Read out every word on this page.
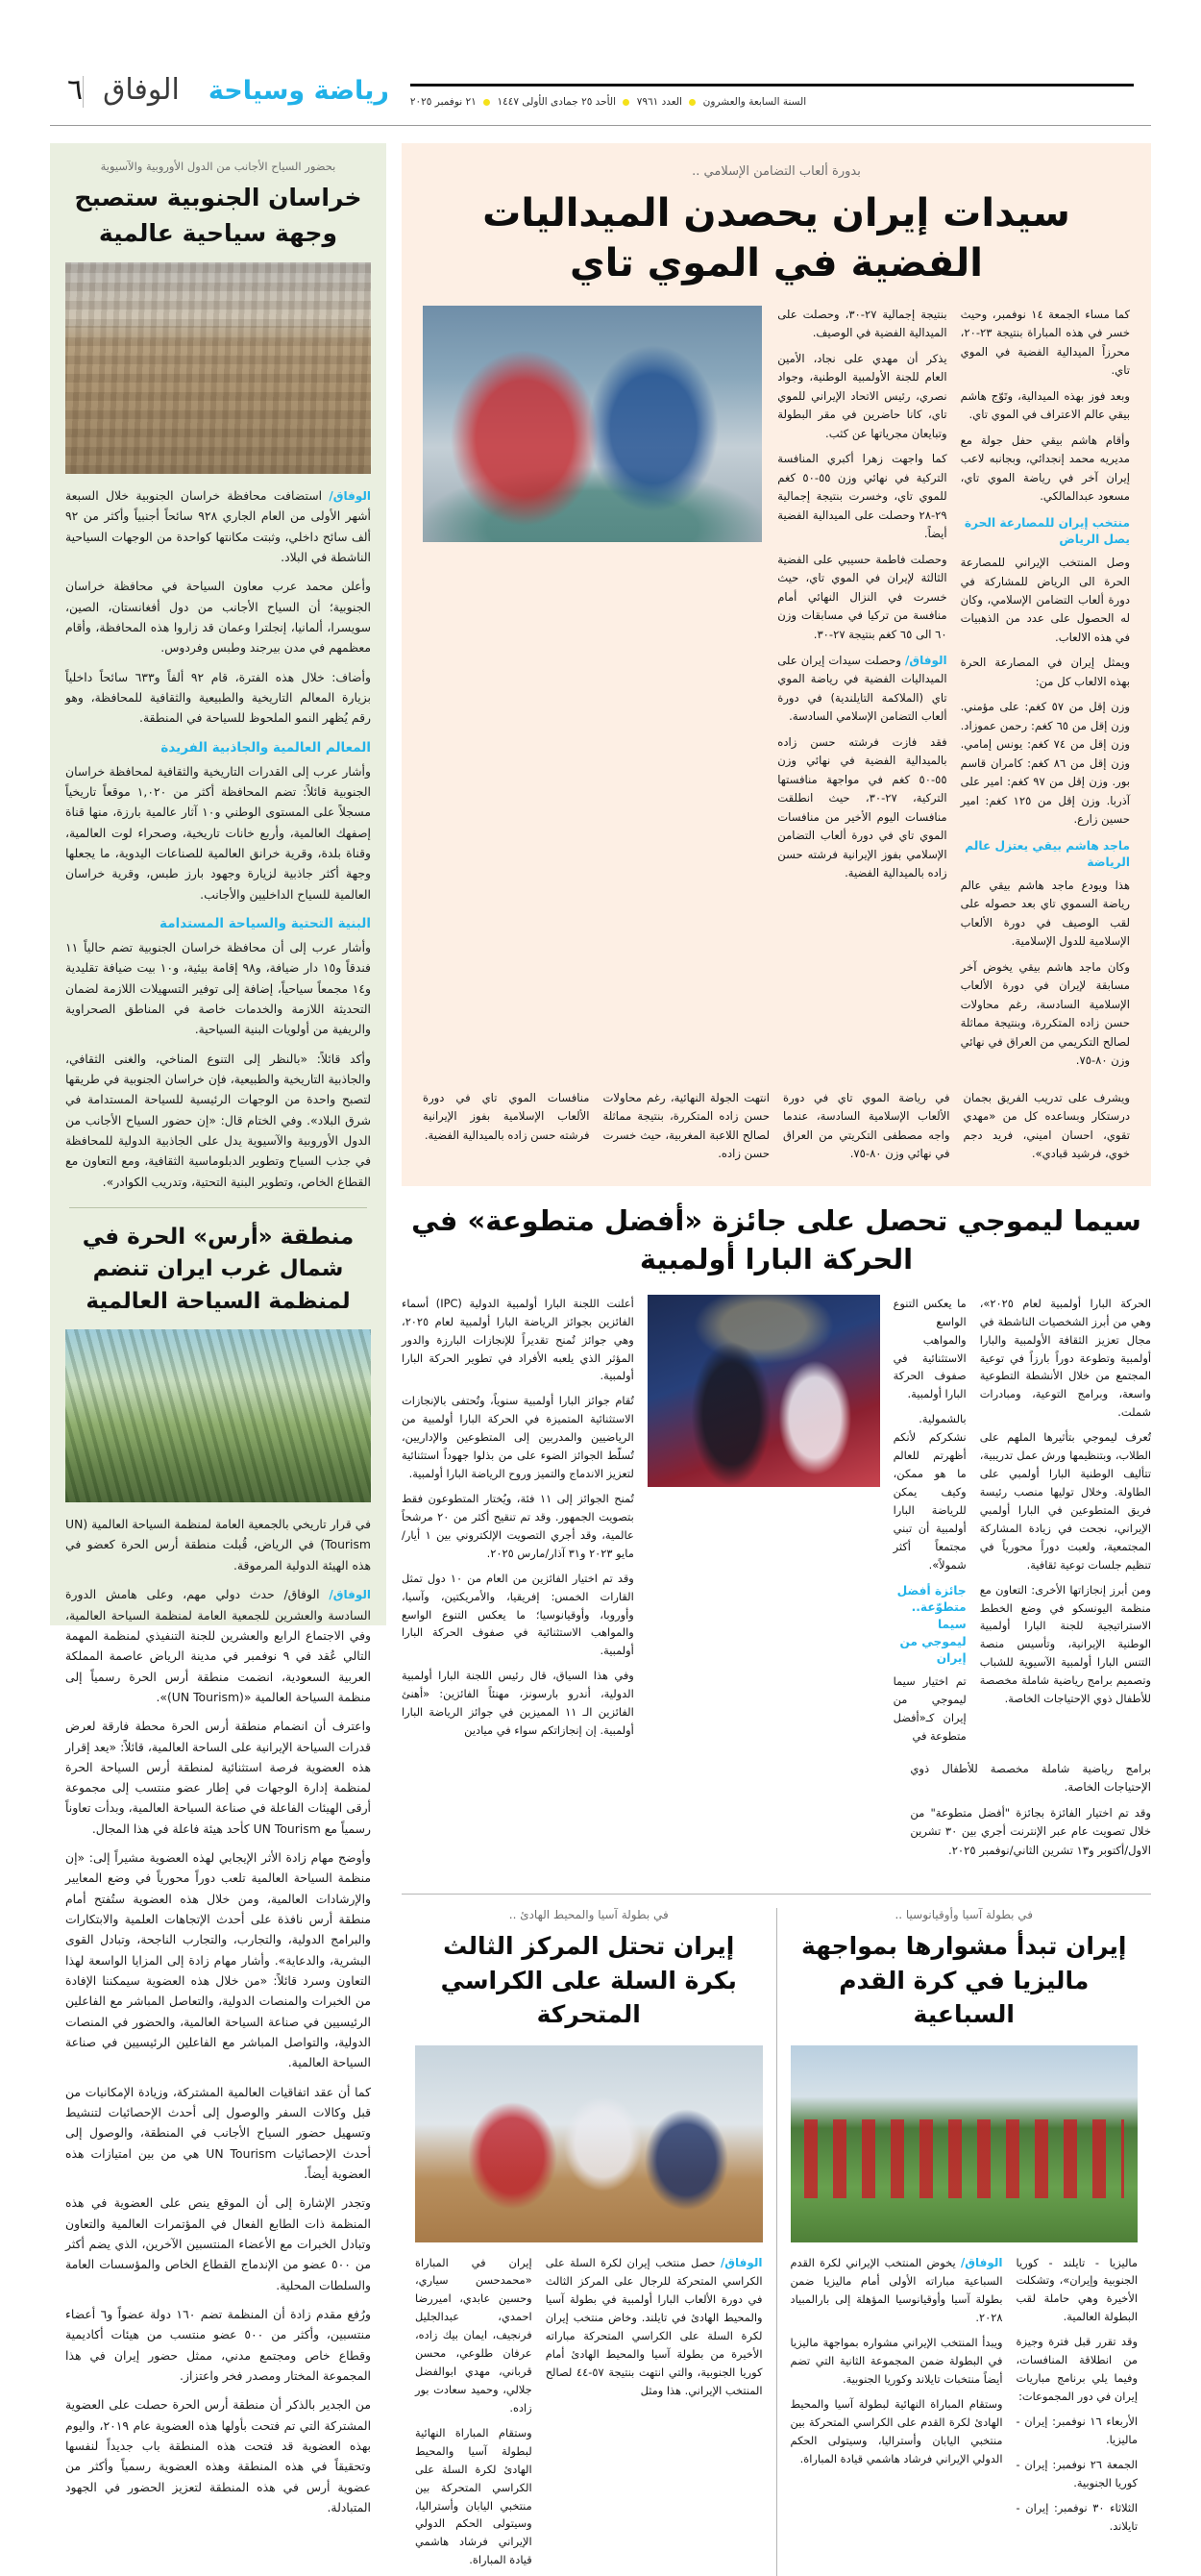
السنة السابعة والعشرون  العدد ٧٩٦١  الأحد ٢٥ جمادى الأولى ١٤٤٧  ٢١ نوفمبر ٢٠٢٥
رياضة وسياحة
الوفاق
٦
بدورة ألعاب التضامن الإسلامي ..
سيدات إيران يحصدن الميداليات الفضية في الموي تاي

كما مساء الجمعة ١٤ نوفمبر، وحيث خسر في هذه المباراة بنتيجة ٢٣-٢٠، محرزاً الميدالية الفضية في الموي تاي.

وبعد فوز بهذه الميدالية، وتَوّج هاشم بيقي عالم الاعتراف في الموي تاي.

وأقام هاشم بيقي حفل جولة مع مديريه محمد إنجدائي، وبجانبه لاعب إيران آخر في رياضة الموي تاي، مسعود عبدالمالكي.

منتخب إيران للمصارعة الحرة يصل الرياض

وصل المنتخب الإيراني للمصارعة الحرة الى الرياض للمشاركة في دورة ألعاب التضامن الإسلامي، وكان له الحصول على عدد من الذهبيات في هذه الالعاب.

ويمثل إيران في المصارعة الحرة بهذه الالعاب كل من:

وزن إقل من ٥٧ كغم: على مؤمني. وزن إقل من ٦٥ كغم: رحمن عموزاد. وزن إقل من ٧٤ كغم: يونس إمامي. وزن إقل من ٨٦ كغم: كامران قاسم بور. وزن إقل من ٩٧ كغم: امير على آذربا. وزن إقل من ١٢٥ كغم: امير حسين زارع.

ماجد هاشم بيقي يعتزل عالم الرياضة

هذا ويودع ماجد هاشم بيقي عالم رياضة السموي تاي بعد حصوله على لقب الوصيف في دورة الألعاب الإسلامية للدول الإسلامية.

وكان ماجد هاشم بيقي يخوض آخر مسابقة لإيران في دورة الألعاب الإسلامية السادسة، رغم محاولات حسن زاده المتكررة، وبنتيجة مماثلة لصالح التكريمي من العراق في نهائي وزن ٨٠-٧٥.

بنتيجة إجمالية ٢٧-٣٠، وحصلت على الميدالية الفضية في الوصيف.

يذكر أن مهدي على نجاد، الأمين العام للجنة الأولمبية الوطنية، وجواد نصري، رئيس الاتحاد الإيراني للموي تاي، كانا حاضرين في مقر البطولة وتبايعان مجرياتها عن كثب.

كما واجهت زهرا أكبري المنافسة التركية في نهائي وزن ٥٥-٥٠ كغم للموي تاي، وخسرت بنتيجة إجمالية ٢٩-٢٨ وحصلت على الميدالية الفضية أيضاً.

وحصلت فاطمة حسيبي على الفضية الثالثة لإيران في الموي تاي، حيث خسرت في النزال النهائي أمام منافسة من تركيا في مسابقات وزن ٦٠ الى ٦٥ كغم بنتيجة ٢٧-٣٠.

الوفاق/ وحصلت سيدات إيران على الميداليات الفضية في رياضة الموي تاي (الملاكمة التايلندية) في دورة ألعاب التضامن الإسلامي السادسة.

فقد فازت فرشته حسن زاده بالميدالية الفضية في نهائي وزن ٥٥-٥٠ كغم في مواجهة منافستها التركية، ٢٧-٣٠، حيث انطلقت منافسات اليوم الأخير من منافسات الموي تاي في دورة ألعاب التضامن الإسلامي بفوز الإيرانية فرشته حسن زاده بالميدالية الفضية.

ويشرف على تدريب الفريق بجمان درستكار وبساعده كل من «مهدي تقوي، احسان اميني، فريد دجم خوي، فرشيد قبادي».

في رياضة الموي تاي في دورة الألعاب الإسلامية السادسة، عندما واجه مصطفى التكريتي من العراق في نهائي وزن ٨٠-٧٥.

انتهت الجولة النهائية، رغم محاولات حسن زاده المتكررة، بنتيجة مماثلة لصالح اللاعبة المغربية، حيث خسرت حسن زاده.

منافسات الموي تاي في دورة الألعاب الإسلامية بفوز الإيرانية فرشته حسن زاده بالميدالية الفضية.

سيما ليموجي تحصل على جائزة «أفضل متطوعة» في الحركة البارا أولمبية

الحركة البارا أولمبية لعام ٢٠٢٥»، وهي من أبرز الشخصيات الناشطة في مجال تعزيز الثقافة الأولمبية والبارا أولمبية وتطوعة دوراً بارزاً في توعية المجتمع من خلال الأنشطة التطوعية واسعة، وبرامج التوعية، ومبادرات شملت.

تُعرف ليموجي بتأثيرها الملهم على الطلاب، وبتنظيمها ورش عمل تدريبية، تتأليف الوطنية البارا أولمبي على الطاولة. وخلال توليها منصب رئيسة فريق المتطوعين في البارا أولمبي الإيراني، نجحت في زيادة المشاركة المجتمعية، ولعبت دوراً محورياً في تنظيم جلسات توعية ثقافية.

ومن أبرز إنجازاتها الأخرى: التعاون مع منظمة اليونسكو في وضع الخطط الاستراتيجية للجنة البارا أولمبية الوطنية الإيرانية، وتأسيس منصة التنس البارا أولمبية الآسيوية للشباب وتصميم برامج رياضية شاملة مخصصة للأطفال ذوي الإحتياجات الخاصة.

ما يعكس التنوع الواسع والمواهب الاستثنائية في صفوف الحركة البارا أولمبية.

بالشمولية. نشكركم لأنكم أظهرتم للعالم ما هو ممكن، وكيف يمكن للرياضة البارا أولمبية أن تبني مجتمعاً أكثر شمولاً».

جائزة أفضل متطوّعة.. سيما ليموجي من إيران

تم اختيار سيما ليموجي من إيران كـ«أفضل متطوعة في

أعلنت اللجنة البارا أولمبية الدولية (IPC) أسماء الفائزين بجوائز الرياضة البارا أولمبية لعام ٢٠٢٥، وهي جوائز تُمنح تقديراً للإنجازات البارزة والدور المؤثر الذي يلعبه الأفراد في تطوير الحركة البارا أولمبية.

تُقام جوائز البارا أولمبية سنوياً، وتُحتفى بالإنجازات الاستثنائية المتميزة في الحركة البارا أولمبية من الرياضيين والمدربين إلى المتطوعين والإداريين، تُسلّط الجوائز الضوء على من بذلوا جهوداً استثنائية لتعزيز الاندماج والتميز وروح الرياضة البارا أولمبية.

تُمنح الجوائز إلى ١١ فئة، ويُختار المتطوعون فقط بتصويت الجمهور. وقد تم تنقيح أكثر من ٢٠ مرشحاً عالمية، وقد أجري التصويت الإلكتروني بين ١ أيار/مايو ٢٠٢٣ و٣١ آذار/مارس ٢٠٢٥.

وقد تم اختيار الفائزين من العام من ١٠ دول تمثل القارات الخمس: إفريقيا، والأمريكتين، وآسيا، وأوروبا، وأوقيانوسيا؛ ما يعكس التنوع الواسع والمواهب الاستثنائية في صفوف الحركة البارا أولمبية.

وفي هذا السياق، قال رئيس اللجنة البارا أولمبية الدولية، أندرو بارسونز، مهنئاً الفائزين: «أهنئ الفائزين الـ ١١ المميزين في جوائز الرياضة البارا أولمبية. إن إنجازاتكم سواء في ميادين

برامج رياضية شاملة مخصصة للأطفال ذوي الإحتياجات الخاصة.

وقد تم اختيار الفائزة بجائزة "أفضل متطوعة" من خلال تصويت عام عبر الإنترنت أجري بين ٣٠ تشرين الاول/أكتوبر و١٣ تشرين الثاني/نوفمبر ٢٠٢٥.

في بطولة آسيا وأوقيانوسيا ..
إيران تبدأ مشوارها بمواجهة ماليزيا في كرة القدم السباعية

ماليزيا - تايلند - كوريا الجنوبية وإيران»، وتشكلت الأخيرة وهي حاملة لقب البطولة العالمية.

وقد تقرر قبل فترة وجيزة من انطلاقة المنافسات، وفيما يلي برنامج مباريات إيران في دور المجموعات:

الأربعاء ١٦ نوفمبر: إيران - ماليزيا.

الجمعة ٢٦ نوفمبر: إيران - كوريا الجنوبية.

الثلاثاء ٣٠ نوفمبر: إيران - تايلاند.

الوفاق/ يخوض المنتخب الإيراني لكرة القدم السباعية مباراته الأولى أمام ماليزيا ضمن بطولة آسيا وأوقيانوسيا المؤهلة إلى بارالمبياد ٢٠٢٨.

ويبدأ المنتخب الإيراني مشواره بمواجهة ماليزيا في البطولة ضمن المجموعة الثانية التي تضم أيضاً منتخبات تايلاند وكوريا الجنوبية.

وستقام المباراة النهائية لبطولة آسيا والمحيط الهادئ لكرة القدم على الكراسي المتحركة بين منتخبي اليابان وأستراليا، وسيتولى الحكم الدولي الإيراني فرشاد هاشمي قيادة المباراة.

في بطولة آسيا والمحيط الهادئ ..
إيران تحتل المركز الثالث بكرة السلة على الكراسي المتحركة

الوفاق/ حصل منتخب إيران لكرة السلة على الكراسي المتحركة للرجال على المركز الثالث في دورة الألعاب البارا أولمبية في بطولة آسيا والمحيط الهادئ في تايلند. وخاض منتخب إيران لكرة السلة على الكراسي المتحركة مباراته الأخيرة من بطولة آسيا والمحيط الهادئ أمام كوريا الجنوبية، والتي انتهت بنتيجة ٥٧-٤٤ لصالح المنتخب الإيراني. هذا ومثل

إيران في المباراة «محمدحسن سياري، وحسين عابدي، اميررضا احمدي، عبدالجليل فرنجيف، ايمان بيك زاده، عرفان طلوعي، محسن قرباني، مهدي ابوالفضل جلالي، وحميد سعادت بور زاده.

وستقام المباراة النهائية لبطولة آسيا والمحيط الهادئ لكرة السلة على الكراسي المتحركة بين منتخبي اليابان وأستراليا، وسيتولى الحكم الدولي الإيراني فرشاد هاشمي قيادة المباراة.

بحضور السياح الأجانب من الدول الأوروبية والآسيوية
خراسان الجنوبية ستصبح وجهة سياحية عالمية

الوفاق/ استضافت محافظة خراسان الجنوبية خلال السبعة أشهر الأولى من العام الجاري ٩٢٨ سائحاً أجنبياً وأكثر من ٩٢ ألف سائح داخلي، وثبتت مكانتها كواحدة من الوجهات السياحية الناشطة في البلاد.

وأعلن محمد عرب معاون السياحة في محافظة خراسان الجنوبية؛ أن السياح الأجانب من دول أفغانستان، الصين، سويسرا، ألمانيا، إنجلترا وعمان قد زاروا هذه المحافظة، وأقام معظمهم في مدن بيرجند وطبس وفردوس.

وأضاف: خلال هذه الفترة، قام ٩٢ ألفاً و٦٣٣ سائحاً داخلياً بزيارة المعالم التاريخية والطبيعية والثقافية للمحافظة، وهو رقم يُظهر النمو الملحوظ للسياحة في المنطقة.

المعالم العالمية والجاذبية الفريدة

وأشار عرب إلى القدرات التاريخية والثقافية لمحافظة خراسان الجنوبية قائلاً: تضم المحافظة أكثر من ١,٠٢٠ موقعاً تاريخياً مسجلاً على المستوى الوطني و١٠ آثار عالمية بارزة، منها قناة إصفهك العالمية، وأربع خانات تاريخية، وصحراء لوت العالمية، وقناة بلدة، وقرية خرانق العالمية للصناعات اليدوية، ما يجعلها وجهة أكثر جاذبية لزيارة وجهود بارز طبس، وقرية خراسان العالمية للسياح الداخليين والأجانب.

البنية التحتية والسياحة المستدامة

وأشار عرب إلى أن محافظة خراسان الجنوبية تضم حالياً ١١ فندقاً و١٥ دار ضيافة، و٩٨ إقامة بيئية، و١٠ بيت ضيافة تقليدية و١٤ مجمعاً سياحياً، إضافة إلى توفير التسهيلات اللازمة لضمان التحديثة اللازمة والخدمات خاصة في المناطق الصحراوية والريفية من أولويات البنية السياحية.

وأكد قائلاً: «بالنظر إلى التنوع المناخي، والغنى الثقافي، والجاذبية التاريخية والطبيعية، فإن خراسان الجنوبية في طريقها لتصبح واحدة من الوجهات الرئيسية للسياحة المستدامة في شرق البلاد». وفي الختام قال: «إن حضور السياح الأجانب من الدول الأوروبية والآسيوية يدل على الجاذبية الدولية للمحافظة في جذب السياح وتطوير الدبلوماسية الثقافية، ومع التعاون مع القطاع الخاص، وتطوير البنية التحتية، وتدريب الكوادر».

منطقة «أرس» الحرة في شمال غرب ايران تنضم لمنظمة السياحة العالمية

في قرار تاريخي بالجمعية العامة لمنظمة السياحة العالمية (UN Tourism) في الرياض، قُبلت منطقة أرس الحرة كعضو في هذه الهيئة الدولية المرموقة.

الوفاق/ الوفاق/ حدث دولي مهم، وعلى هامش الدورة السادسة والعشرين للجمعية العامة لمنظمة السياحة العالمية، وفي الاجتماع الرابع والعشرين للجنة التنفيذي لمنظمة المهمة التالي عُقد في ٩ نوفمبر في مدينة الرياض عاصمة المملكة العربية السعودية، انضمت منطقة أرس الحرة رسمياً إلى منظمة السياحة العالمية «(UN Tourism)».

واعترف أن انضمام منطقة أرس الحرة محطة فارقة لعرض قدرات السياحة الإيرانية على الساحة العالمية، قائلاً: «يعد إقرار هذه العضوية فرصة استثنائية لمنطقة أرس السياحة الحرة لمنظمة إدارة الوجهات في إطار عضو منتسب إلى مجموعة أرقى الهيئات الفاعلة في صناعة السياحة العالمية، وبدأت تعاوناً رسمياً مع UN Tourism كأحد هيئة فاعلة في هذا المجال.

وأوضح مهام زادة الأثر الإيجابي لهذه العضوية مشيراً إلى: «إن منظمة السياحة العالمية تلعب دوراً محورياً في وضع المعايير والإرشادات العالمية، ومن خلال هذه العضوية ستُفتح أمام منطقة أرس نافذة على أحدث الإتجاهات العلمية والابتكارات والبرامج الدولية، والتجارب، والتجارب الناجحة، وتبادل القوى البشرية، والدعاية». وأشار مهام زادة إلى المزايا الواسعة لهذا التعاون وسرد قائلاً: «من خلال هذه العضوية سيمكننا الإفادة من الخبرات والمنصات الدولية، والتعاصل المباشر مع الفاعلين الرئيسيين في صناعة السياحة العالمية، والحضور في المنصات الدولية، والتواصل المباشر مع الفاعلين الرئيسيين في صناعة السياحة العالمية.

كما أن عقد اتفاقيات العالمية المشتركة، وزيادة الإمكانيات من قبل وكالات السفر والوصول إلى أحدث الإحصائيات لتنشيط وتسهيل حضور السياح الأجانب في المنطقة، والوصول إلى أحدث الإحصائيات UN Tourism هي من بين امتيازات هذه العضوية أيضاً.

وتجدر الإشارة إلى أن الموقع ينص على العضوية في هذه المنظمة ذات الطابع الفعال في المؤتمرات العالمية والتعاون وتبادل الخبرات مع الأعضاء المنتسبين الآخرين، الذي يضم أكثر من ٥٠٠ عضو من الإندماج القطاع الخاص والمؤسسات العامة والسلطات المحلية.

ورُفع مقدم زادة أن المنظمة تضم ١٦٠ دولة عضواً و٦ أعضاء منتسبين، وأكثر من ٥٠٠ عضو منتسب من هيئات أكاديمية وقطاع خاص ومجتمع مدني، ممثل حضور إيران في هذا المجموعة المختار ومصدر فخر واعتزاز.

من الجدير بالذكر أن منطقة أرس الحرة حصلت على العضوية المشتركة التي تم فتحت بأولها هذه العضوية عام ٢٠١٩، واليوم بهذه العضوية قد فتحت هذه المنطقة باب جديداً لنفسها وتحقيقاً في هذه المنطقة وهذه العضوية رسمياً وأكثر من عضوية أرس في هذه المنطقة لتعزيز الحضور في الجهود المتبادلة.
